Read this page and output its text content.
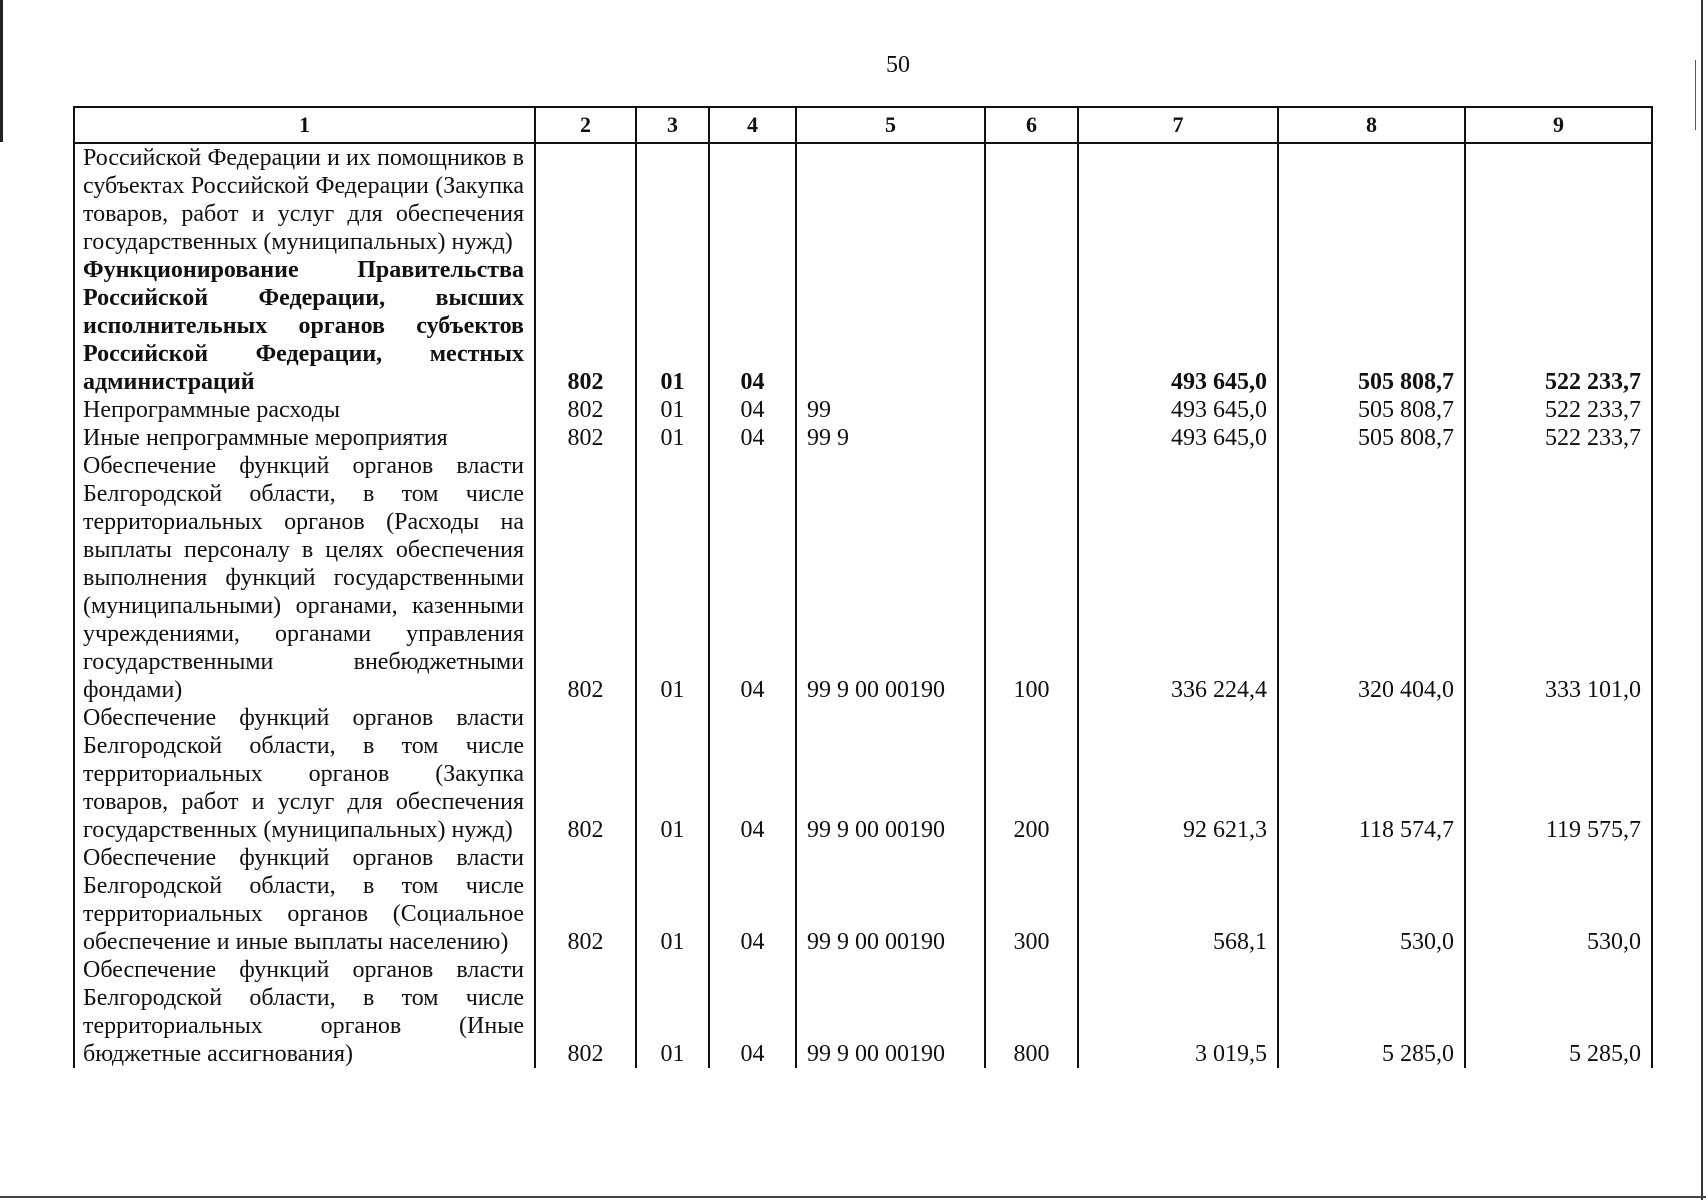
50
1	2	3	4	5	6	7	8	9
Российской Федерации и их помощников в субъектах Российской Федерации (Закупка товаров, работ и услуг для обеспечения государственных (муниципальных) нужд)								
Функционирование Правительства Российской Федерации, высших исполнительных органов субъектов Российской Федерации, местных администраций	802	01	04			493 645,0	505 808,7	522 233,7
Непрограммные расходы	802	01	04	99		493 645,0	505 808,7	522 233,7
Иные непрограммные мероприятия	802	01	04	99 9		493 645,0	505 808,7	522 233,7
Обеспечение функций органов власти Белгородской области, в том числе территориальных органов (Расходы на выплаты персоналу в целях обеспечения выполнения функций государственными (муниципальными) органами, казенными учреждениями, органами управления государственными внебюджетными фондами)	802	01	04	99 9 00 00190	100	336 224,4	320 404,0	333 101,0
Обеспечение функций органов власти Белгородской области, в том числе территориальных органов (Закупка товаров, работ и услуг для обеспечения государственных (муниципальных) нужд)	802	01	04	99 9 00 00190	200	92 621,3	118 574,7	119 575,7
Обеспечение функций органов власти Белгородской области, в том числе территориальных органов (Социальное обеспечение и иные выплаты населению)	802	01	04	99 9 00 00190	300	568,1	530,0	530,0
Обеспечение функций органов власти Белгородской области, в том числе территориальных органов (Иные бюджетные ассигнования)	802	01	04	99 9 00 00190	800	3 019,5	5 285,0	5 285,0
